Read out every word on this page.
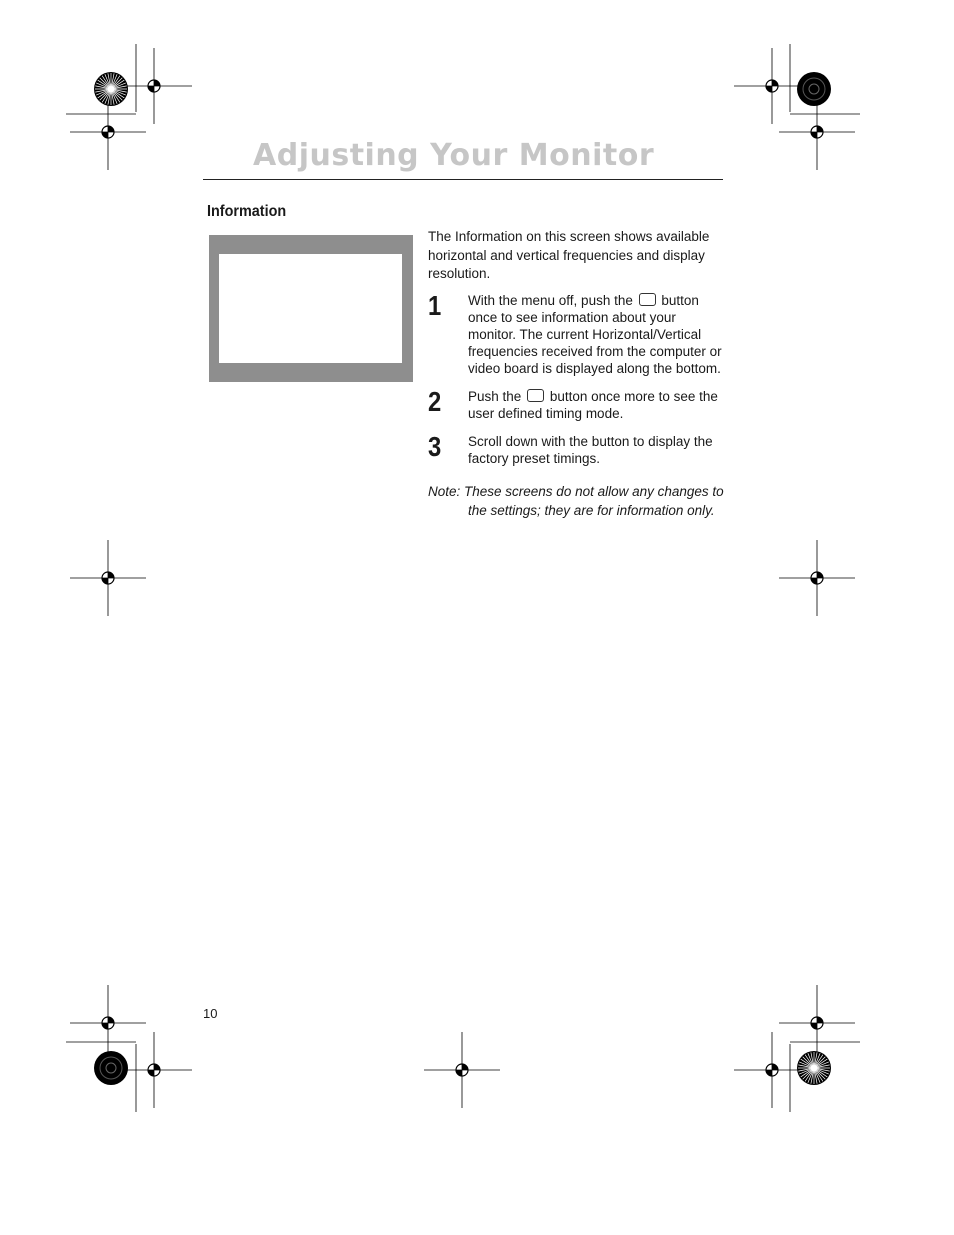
Adjusting Your Monitor
Information
The Information on this screen shows available horizontal and vertical frequencies and display resolution.
1 With the menu off, push the button once to see information about your monitor. The current Horizontal/Vertical frequencies received from the computer or video board is displayed along the bottom.
2 Push the button once more to see the user defined timing mode.
3 Scroll down with the button to display the factory preset timings.
Note: These screens do not allow any changes to
the settings; they are for information only.
10
